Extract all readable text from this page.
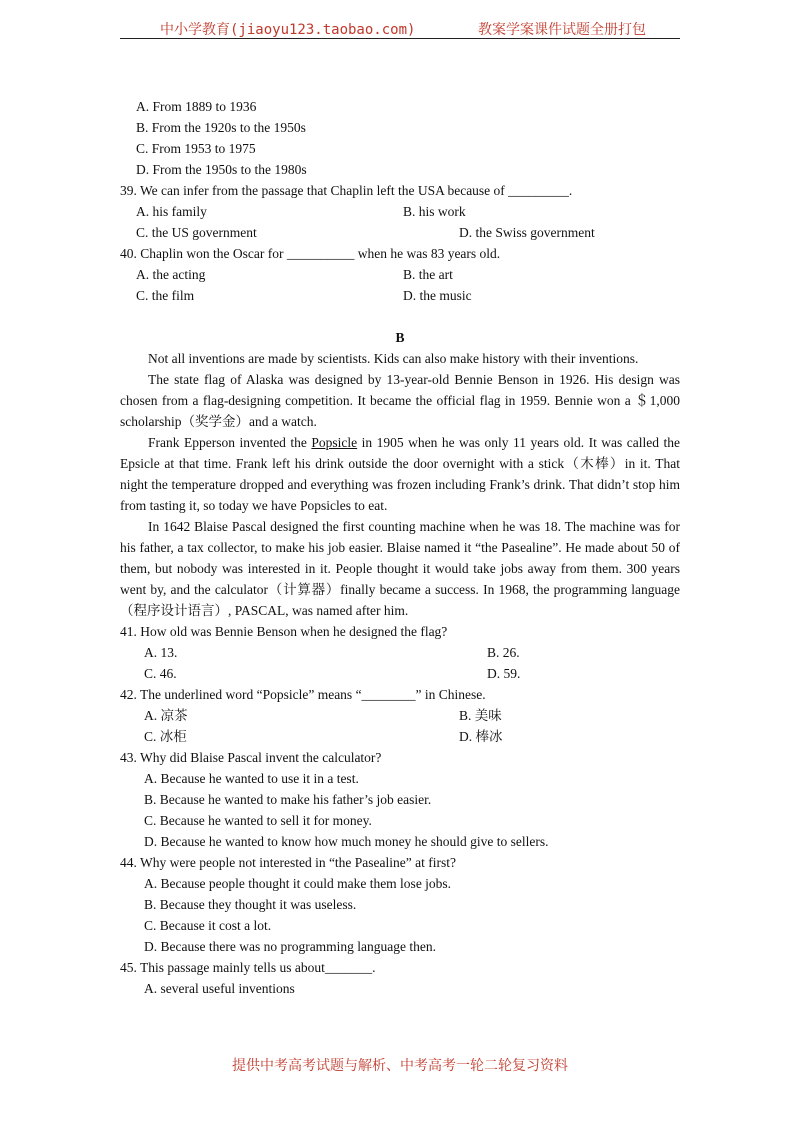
中小学教育(jiaoyu123.taobao.com)	教案学案课件试题全册打包
A. From 1889 to 1936
B. From the 1920s to the 1950s
C. From 1953 to 1975
D. From the 1950s to the 1980s
39. We can infer from the passage that Chaplin left the USA because of _________.
A. his family	B. his work
C. the US government	D. the Swiss government
40. Chaplin won the Oscar for __________ when he was 83 years old.
A. the acting	B. the art
C. the film	D. the music
B

Not all inventions are made by scientists. Kids can also make history with their inventions.

The state flag of Alaska was designed by 13-year-old Bennie Benson in 1926. His design was chosen from a flag-designing competition. It became the official flag in 1959. Bennie won a ＄1,000 scholarship（奖学金）and a watch.

Frank Epperson invented the Popsicle in 1905 when he was only 11 years old. It was called the Epsicle at that time. Frank left his drink outside the door overnight with a stick（木棒）in it. That night the temperature dropped and everything was frozen including Frank’s drink. That didn’t stop him from tasting it, so today we have Popsicles to eat.

In 1642 Blaise Pascal designed the first counting machine when he was 18. The machine was for his father, a tax collector, to make his job easier. Blaise named it “the Pasealine”. He made about 50 of them, but nobody was interested in it. People thought it would take jobs away from them. 300 years went by, and the calculator（计算器）finally became a success. In 1968, the programming language（程序设计语言）, PASCAL, was named after him.

41. How old was Bennie Benson when he designed the flag?
A. 13.	B. 26.
C. 46.	D. 59.
42. The underlined word “Popsicle” means “________” in Chinese.
A. 凉茶	B. 美味
C. 冰柜	D. 棒冰
43. Why did Blaise Pascal invent the calculator?
A. Because he wanted to use it in a test.
B. Because he wanted to make his father’s job easier.
C. Because he wanted to sell it for money.
D. Because he wanted to know how much money he should give to sellers.
44. Why were people not interested in “the Pasealine” at first?
A. Because people thought it could make them lose jobs.
B. Because they thought it was useless.
C. Because it cost a lot.
D. Because there was no programming language then.
45. This passage mainly tells us about_______.
A. several useful inventions
提供中考高考试题与解析、中考高考一轮二轮复习资料
